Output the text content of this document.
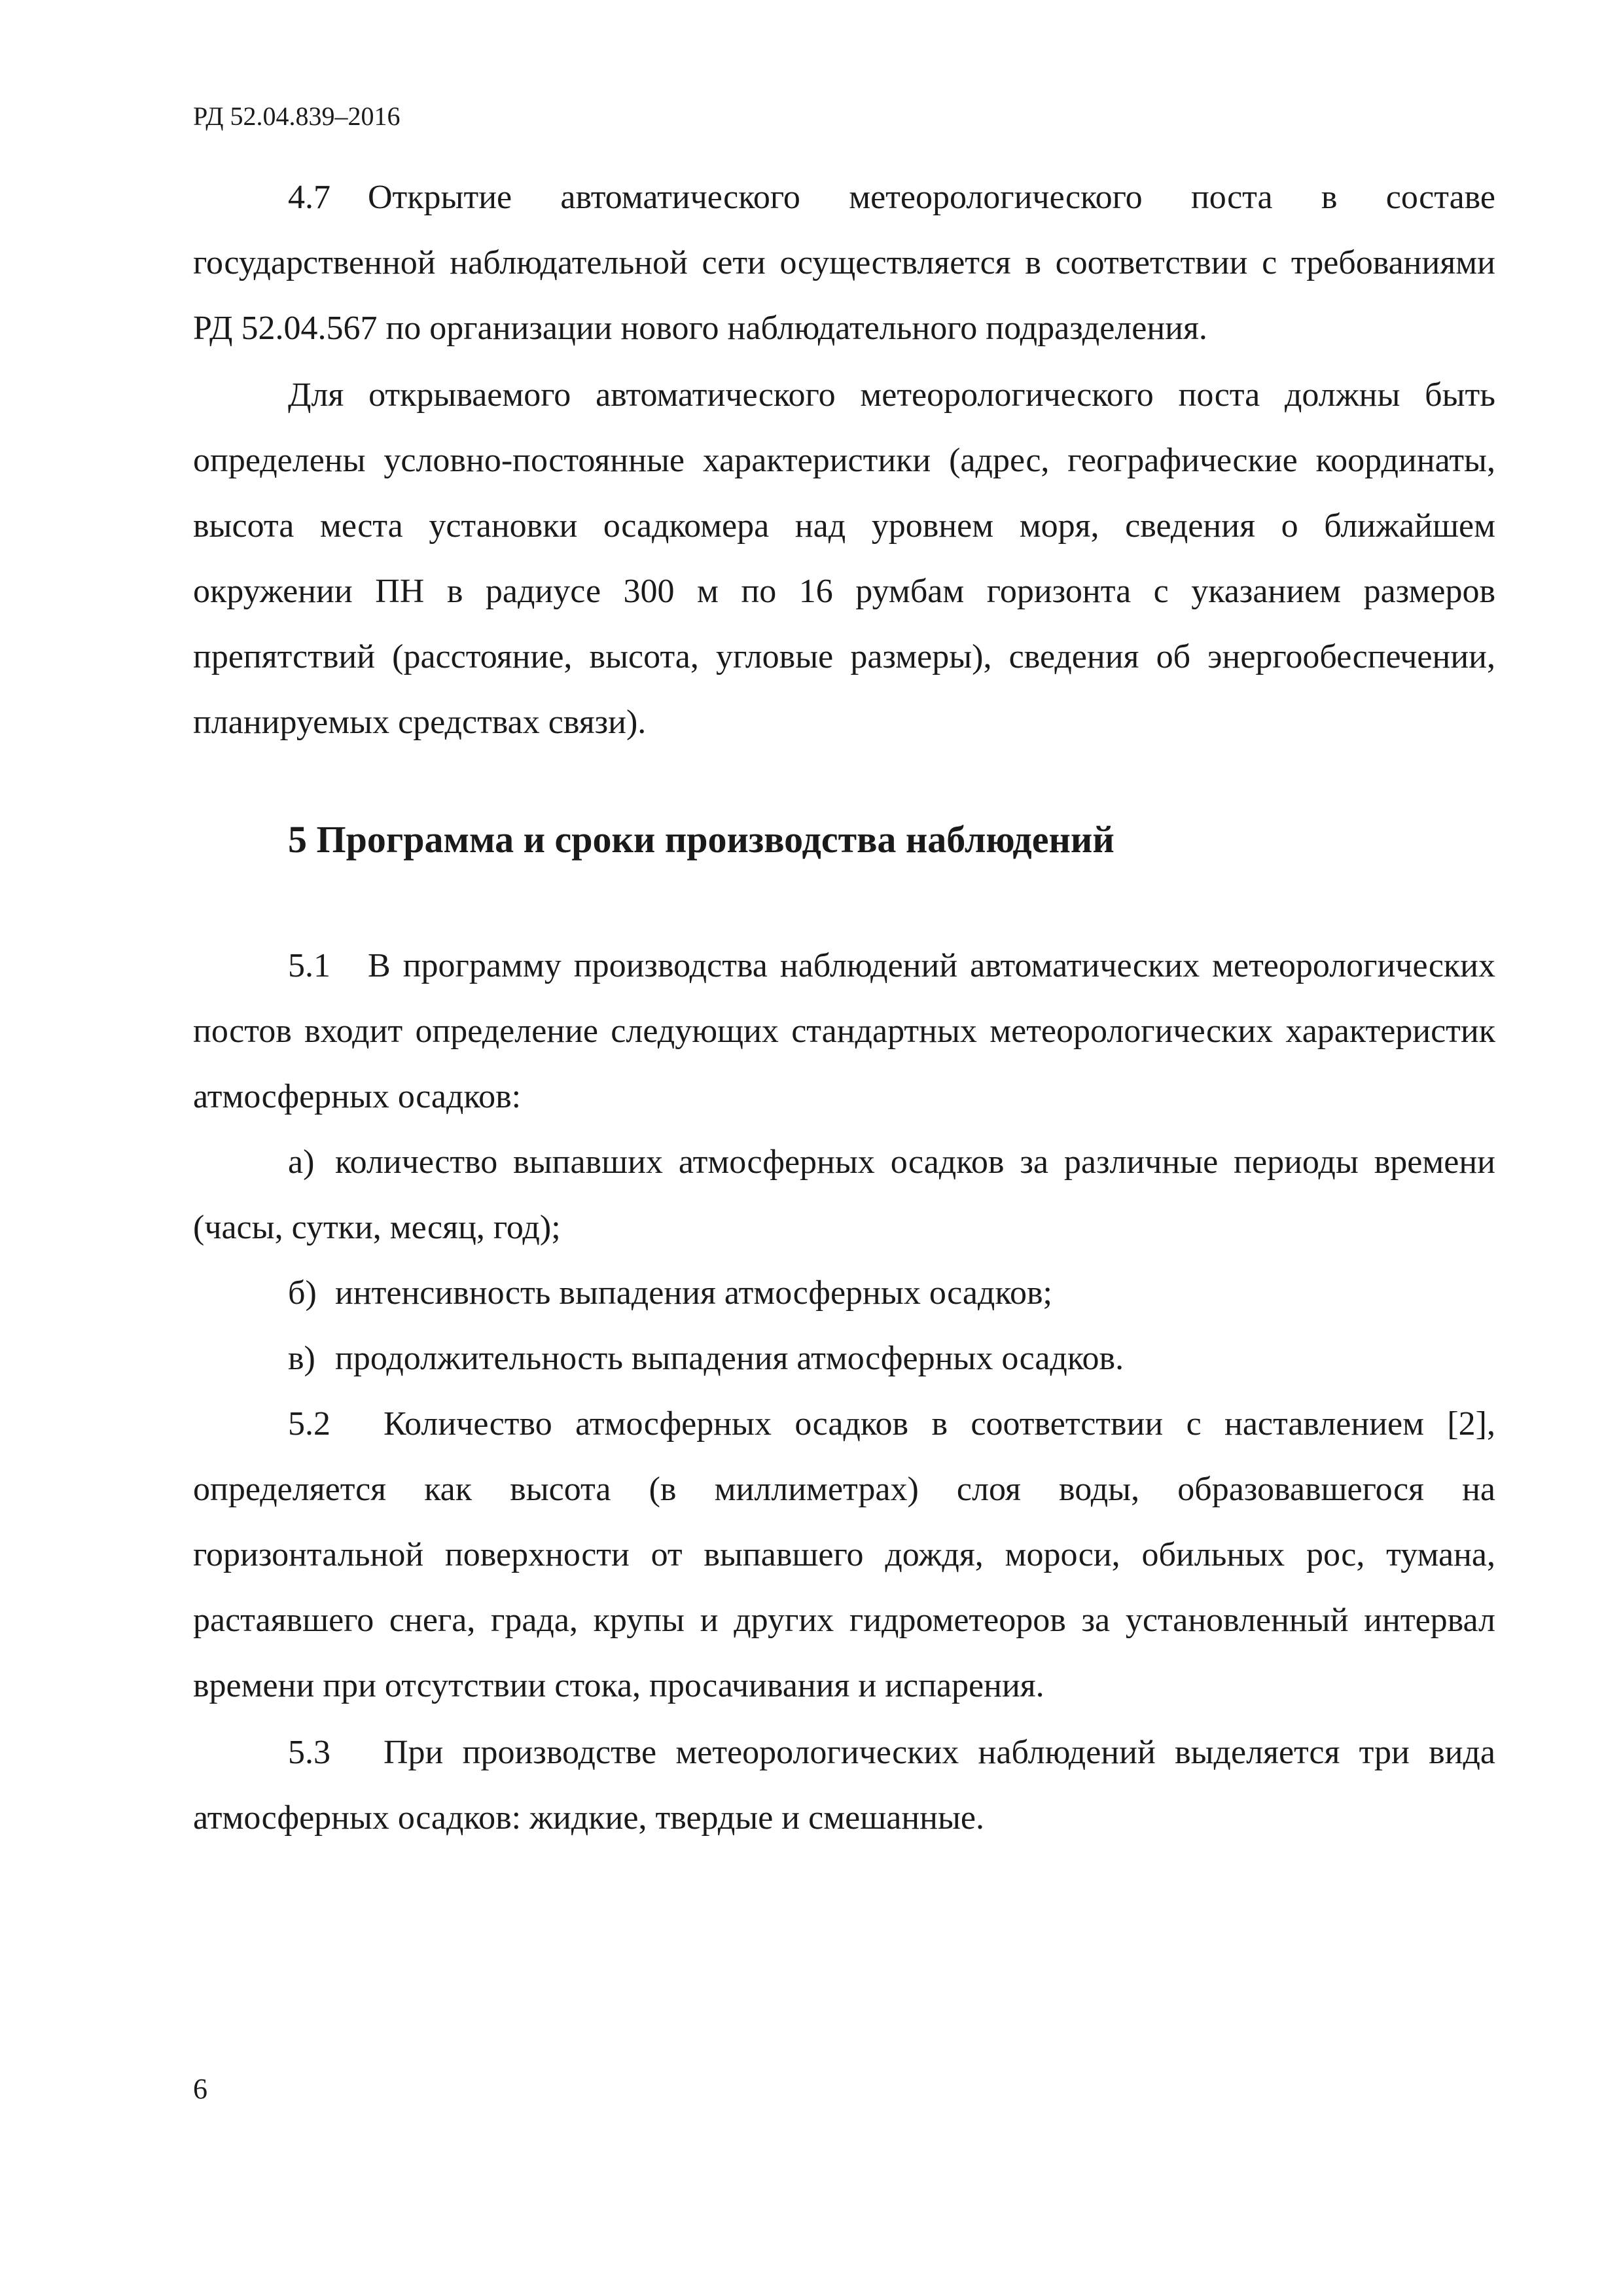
РД 52.04.839–2016

4.7 Открытие автоматического метеорологического поста в составе государственной наблюдательной сети осуществляется в соответствии с требованиями РД 52.04.567 по организации нового наблюдательного подразделения.

Для открываемого автоматического метеорологического поста должны быть определены условно-постоянные характеристики (адрес, географические координаты, высота места установки осадкомера над уровнем моря, сведения о ближайшем окружении ПН в радиусе 300 м по 16 румбам горизонта с указанием размеров препятствий (расстояние, высота, угловые размеры), сведения об энергообеспечении, планируемых средствах связи).

5 Программа и сроки производства наблюдений

5.1 В программу производства наблюдений автоматических метеорологических постов входит определение следующих стандартных метеорологических характеристик атмосферных осадков:

а) количество выпавших атмосферных осадков за различные периоды времени (часы, сутки, месяц, год);

б) интенсивность выпадения атмосферных осадков;

в) продолжительность выпадения атмосферных осадков.

5.2 Количество атмосферных осадков в соответствии с наставлением [2], определяется как высота (в миллиметрах) слоя воды, образовавшегося на горизонтальной поверхности от выпавшего дождя, мороси, обильных рос, тумана, растаявшего снега, града, крупы и других гидрометеоров за установленный интервал времени при отсутствии стока, просачивания и испарения.

5.3 При производстве метеорологических наблюдений выделяется три вида атмосферных осадков: жидкие, твердые и смешанные.

6
